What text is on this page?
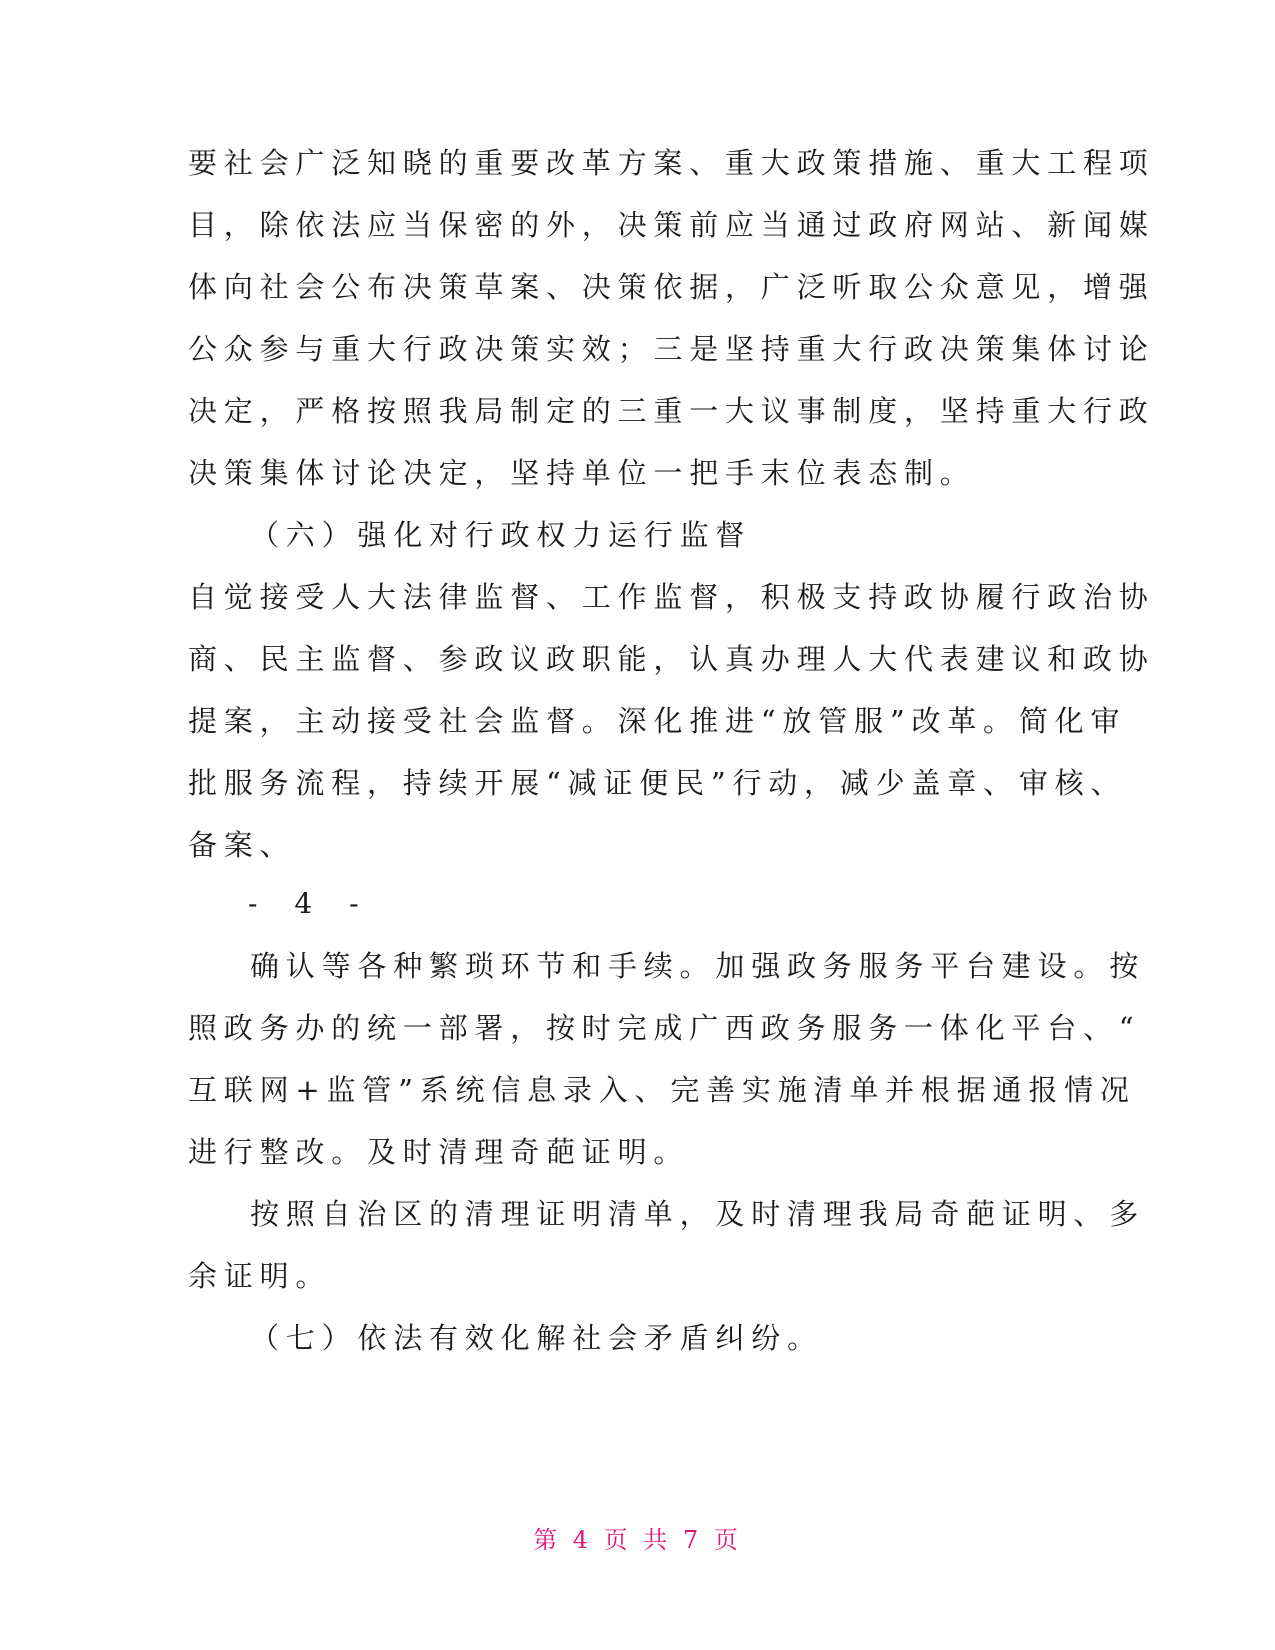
要社会广泛知晓的重要改革方案、重大政策措施、重大工程项
目，除依法应当保密的外，决策前应当通过政府网站、新闻媒
体向社会公布决策草案、决策依据，广泛听取公众意见，增强
公众参与重大行政决策实效；三是坚持重大行政决策集体讨论
决定，严格按照我局制定的三重一大议事制度，坚持重大行政
决策集体讨论决定，坚持单位一把手末位表态制。
（六）强化对行政权力运行监督
自觉接受人大法律监督、工作监督，积极支持政协履行政治协
商、民主监督、参政议政职能，认真办理人大代表建议和政协
提案，主动接受社会监督。深化推进“放管服”改革。简化审
批服务流程，持续开展“减证便民”行动，减少盖章、审核、
备案、
- 4 -
确认等各种繁琐环节和手续。加强政务服务平台建设。按
照政务办的统一部署，按时完成广西政务服务一体化平台、“
互联网+监管”系统信息录入、完善实施清单并根据通报情况
进行整改。及时清理奇葩证明。
按照自治区的清理证明清单，及时清理我局奇葩证明、多
余证明。
（七）依法有效化解社会矛盾纠纷。
第 4 页 共 7 页
